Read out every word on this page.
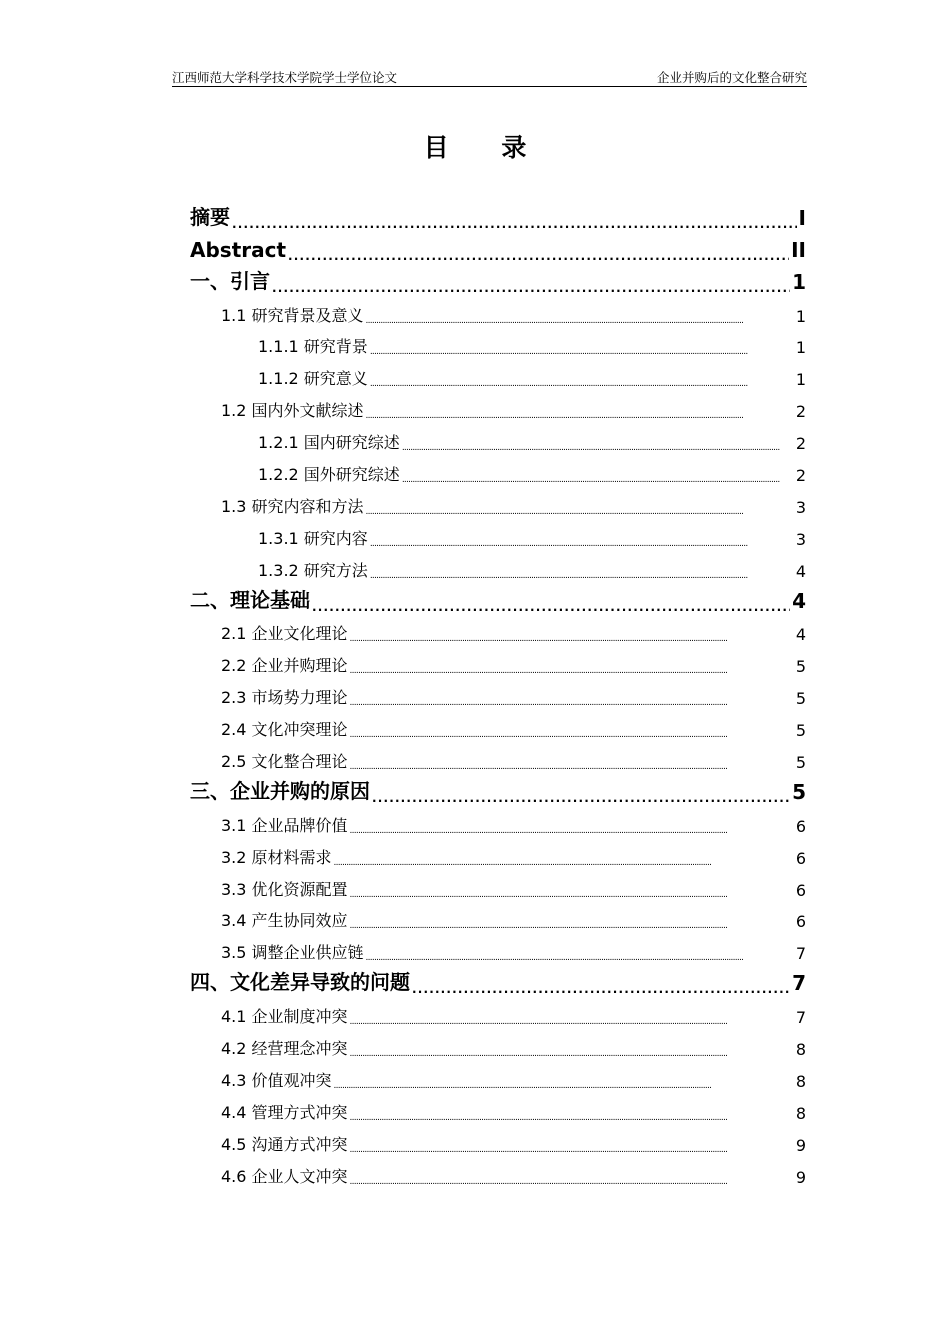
江西师范大学科学技术学院学士学位论文	企业并购后的文化整合研究
目 录
摘要 . . .	I
Abstract . . .	II
一、引言 . . .	1
1.1 研究背景及意义 . . .	1
1.1.1 研究背景 . . .	1
1.1.2 研究意义 . . .	1
1.2 国内外文献综述 . . .	2
1.2.1 国内研究综述 . . .	2
1.2.2 国外研究综述 . . .	2
1.3 研究内容和方法 . . .	3
1.3.1 研究内容 . . .	3
1.3.2 研究方法 . . .	4
二、理论基础 . . .	4
2.1 企业文化理论 . . .	4
2.2 企业并购理论 . . .	5
2.3 市场势力理论 . . .	5
2.4 文化冲突理论 . . .	5
2.5 文化整合理论 . . .	5
三、企业并购的原因 . . .	5
3.1 企业品牌价值 . . .	6
3.2 原材料需求 . . .	6
3.3 优化资源配置 . . .	6
3.4 产生协同效应 . . .	6
3.5 调整企业供应链 . . .	7
四、文化差异导致的问题 . . .	7
4.1 企业制度冲突 . . .	7
4.2 经营理念冲突 . . .	8
4.3 价值观冲突 . . .	8
4.4 管理方式冲突 . . .	8
4.5 沟通方式冲突 . . .	9
4.6 企业人文冲突 . . .	9
